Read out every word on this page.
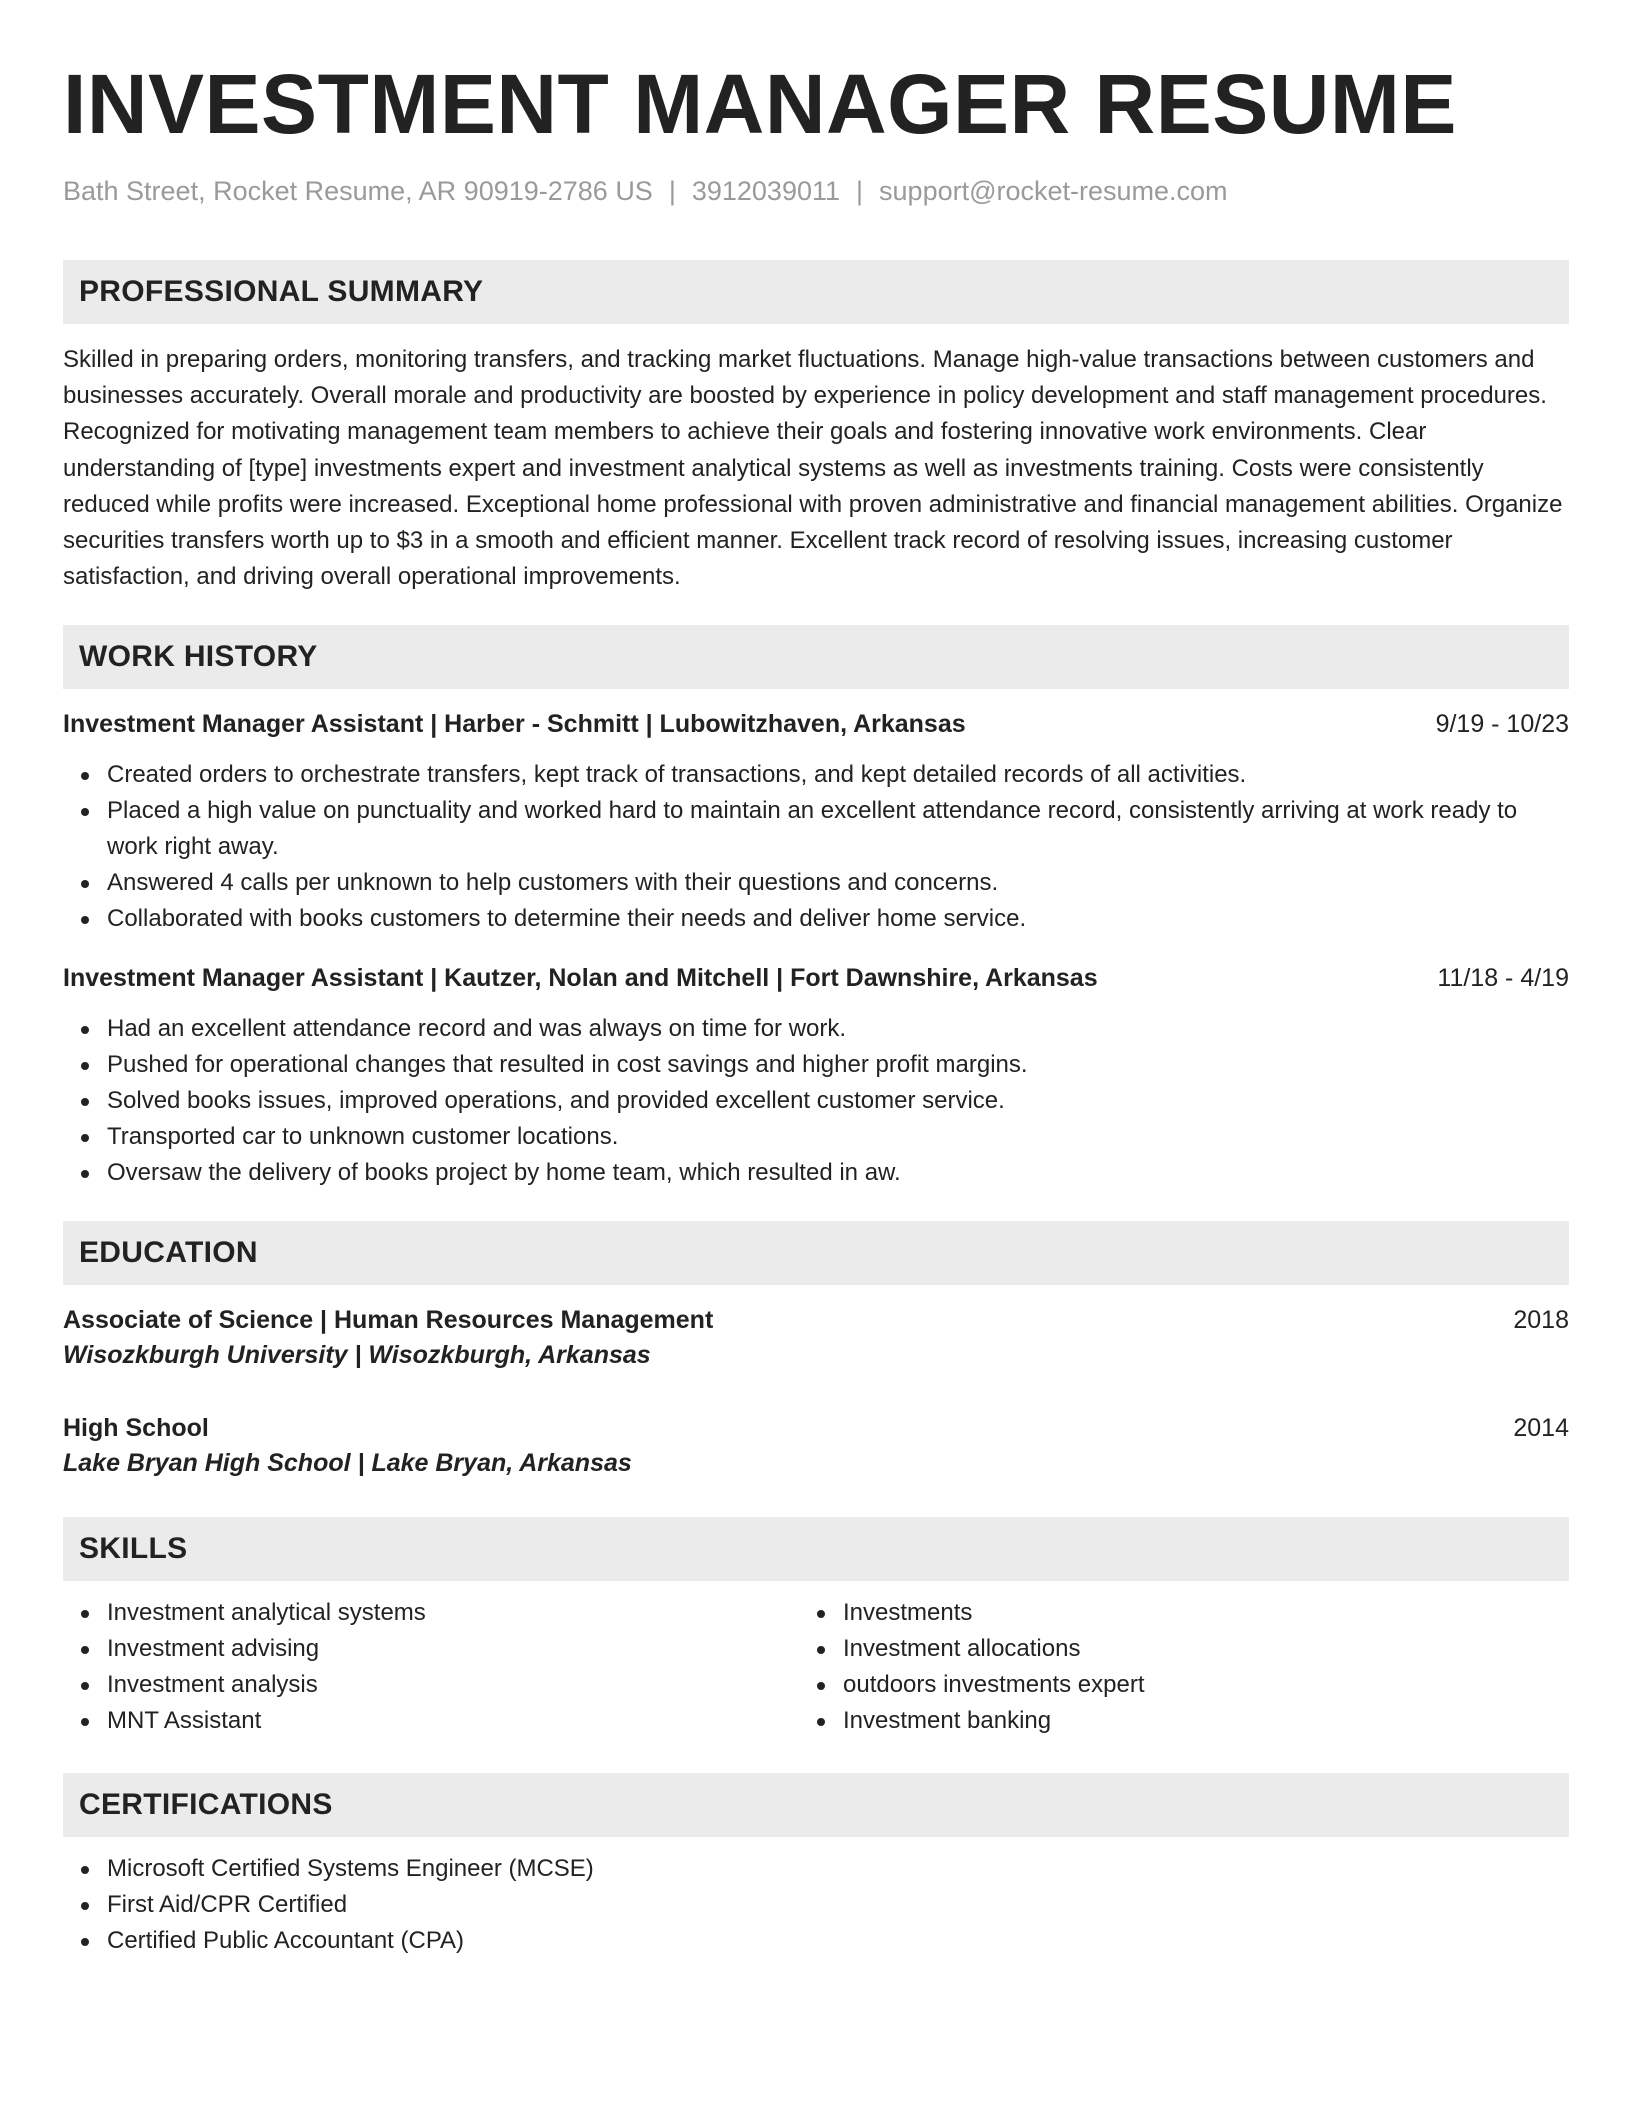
INVESTMENT MANAGER RESUME
Bath Street, Rocket Resume, AR 90919-2786 US | 3912039011 | support@rocket-resume.com
PROFESSIONAL SUMMARY

Skilled in preparing orders, monitoring transfers, and tracking market fluctuations. Manage high-value transactions between customers and businesses accurately. Overall morale and productivity are boosted by experience in policy development and staff management procedures. Recognized for motivating management team members to achieve their goals and fostering innovative work environments. Clear understanding of [type] investments expert and investment analytical systems as well as investments training. Costs were consistently reduced while profits were increased. Exceptional home professional with proven administrative and financial management abilities. Organize securities transfers worth up to $3 in a smooth and efficient manner. Excellent track record of resolving issues, increasing customer satisfaction, and driving overall operational improvements.

WORK HISTORY
Investment Manager Assistant | Harber - Schmitt | Lubowitzhaven, Arkansas	9/19 - 10/23
Created orders to orchestrate transfers, kept track of transactions, and kept detailed records of all activities.
Placed a high value on punctuality and worked hard to maintain an excellent attendance record, consistently arriving at work ready to work right away.
Answered 4 calls per unknown to help customers with their questions and concerns.
Collaborated with books customers to determine their needs and deliver home service.
Investment Manager Assistant | Kautzer, Nolan and Mitchell | Fort Dawnshire, Arkansas	11/18 - 4/19
Had an excellent attendance record and was always on time for work.
Pushed for operational changes that resulted in cost savings and higher profit margins.
Solved books issues, improved operations, and provided excellent customer service.
Transported car to unknown customer locations.
Oversaw the delivery of books project by home team, which resulted in aw.
EDUCATION
Associate of Science | Human Resources Management	2018
Wisozkburgh University | Wisozkburgh, Arkansas
High School	2014
Lake Bryan High School | Lake Bryan, Arkansas
SKILLS
Investment analytical systems
Investment advising
Investment analysis
MNT Assistant
Investments
Investment allocations
outdoors investments expert
Investment banking
CERTIFICATIONS
Microsoft Certified Systems Engineer (MCSE)
First Aid/CPR Certified
Certified Public Accountant (CPA)
